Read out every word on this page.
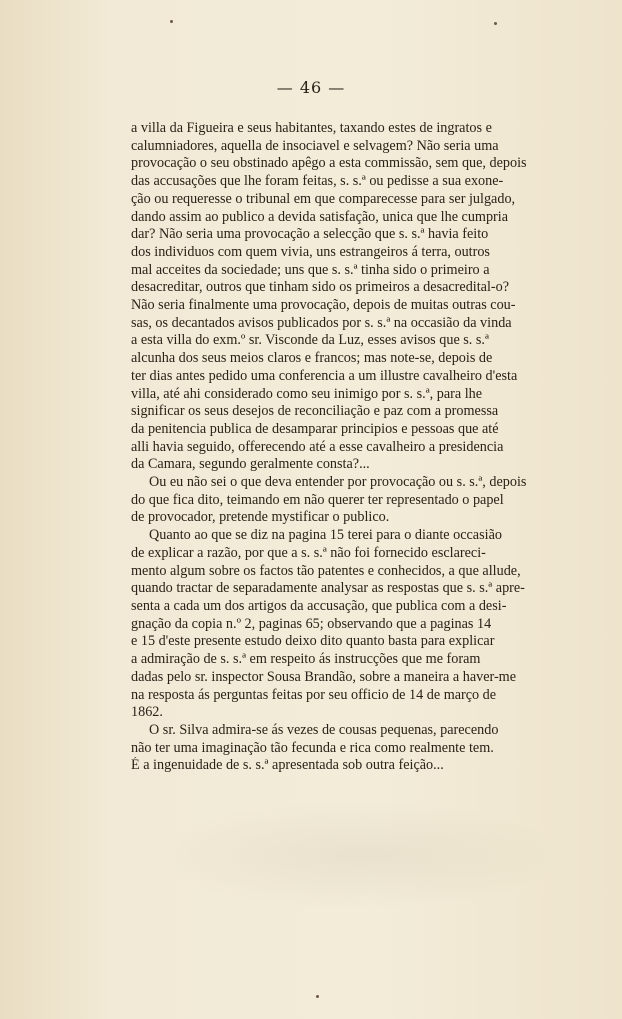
— 46 —
a villa da Figueira e seus habitantes, taxando estes de ingratos e
calumniadores, aquella de insociavel e selvagem? Não seria uma
provocação o seu obstinado apêgo a esta commissão, sem que, depois
das accusações que lhe foram feitas, s. s.ª ou pedisse a sua exone-
ção ou requeresse o tribunal em que comparecesse para ser julgado,
dando assim ao publico a devida satisfação, unica que lhe cumpria
dar? Não seria uma provocação a selecção que s. s.ª havia feito
dos individuos com quem vivia, uns estrangeiros á terra, outros
mal acceites da sociedade; uns que s. s.ª tinha sido o primeiro a
desacreditar, outros que tinham sido os primeiros a desacredital-o?
Não seria finalmente uma provocação, depois de muitas outras cou-
sas, os decantados avisos publicados por s. s.ª na occasião da vinda
a esta villa do exm.º sr. Visconde da Luz, esses avisos que s. s.ª
alcunha dos seus meios claros e francos; mas note-se, depois de
ter dias antes pedido uma conferencia a um illustre cavalheiro d'esta
villa, até ahi considerado como seu inimigo por s. s.ª, para lhe
significar os seus desejos de reconciliação e paz com a promessa
da penitencia publica de desamparar principios e pessoas que até
alli havia seguido, offerecendo até a esse cavalheiro a presidencia
da Camara, segundo geralmente consta?...
Ou eu não sei o que deva entender por provocação ou s. s.ª, depois
do que fica dito, teimando em não querer ter representado o papel
de provocador, pretende mystificar o publico.
Quanto ao que se diz na pagina 15 terei para o diante occasião
de explicar a razão, por que a s. s.ª não foi fornecido esclareci-
mento algum sobre os factos tão patentes e conhecidos, a que allude,
quando tractar de separadamente analysar as respostas que s. s.ª apre-
senta a cada um dos artigos da accusação, que publica com a desi-
gnação da copia n.º 2, paginas 65; observando que a paginas 14
e 15 d'este presente estudo deixo dito quanto basta para explicar
a admiração de s. s.ª em respeito ás instrucções que me foram
dadas pelo sr. inspector Sousa Brandão, sobre a maneira a haver-me
na resposta ás perguntas feitas por seu officio de 14 de março de
1862.
O sr. Silva admira-se ás vezes de cousas pequenas, parecendo
não ter uma imaginação tão fecunda e rica como realmente tem.
É a ingenuidade de s. s.ª apresentada sob outra feição...
